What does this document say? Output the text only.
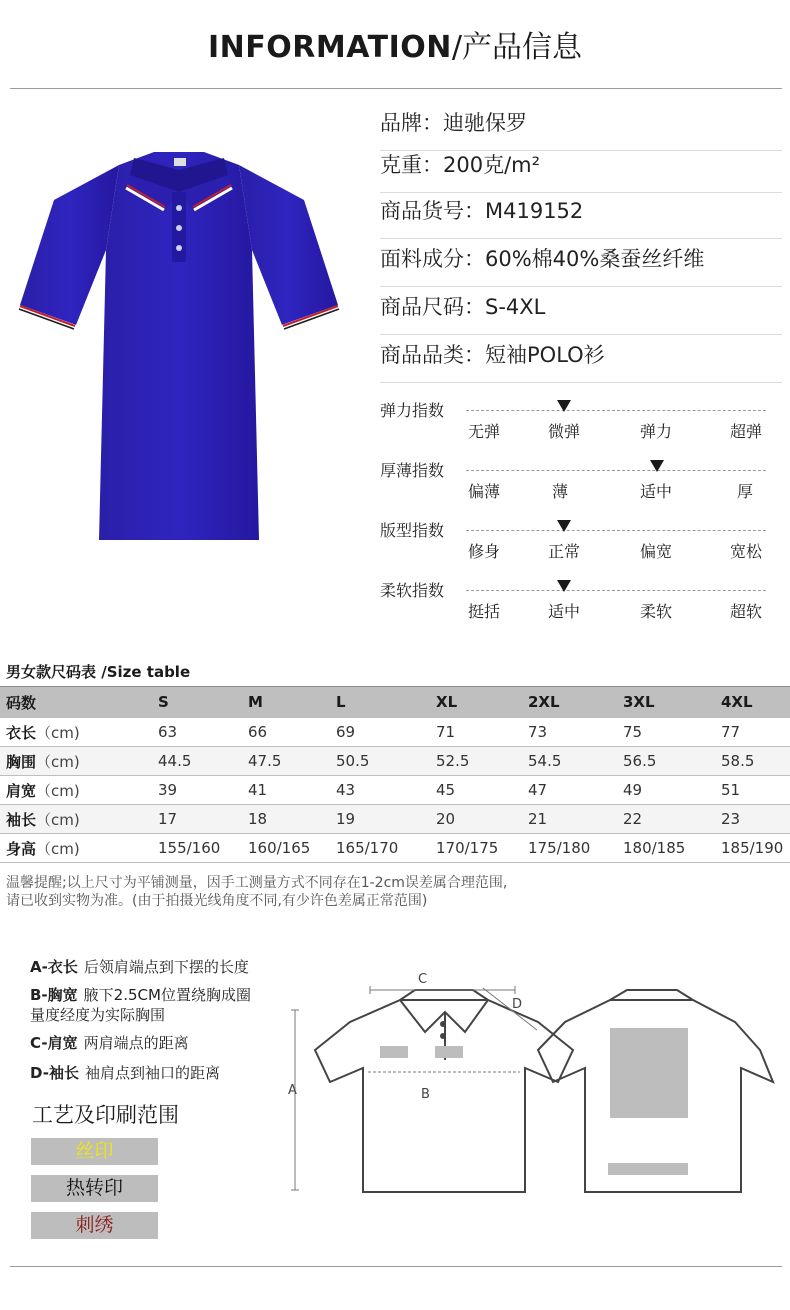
INFORMATION/产品信息
品牌：迪驰保罗
克重：200克/m²
商品货号：M419152
面料成分：60%棉40%桑蚕丝纤维
商品尺码：S-4XL
商品品类：短袖POLO衫
弹力指数
无弹	微弹	弹力	超弹
厚薄指数
偏薄	薄	适中	厚
版型指数
修身	正常	偏宽	宽松
柔软指数
挺括	适中	柔软	超软
男女款尺码表 /Size table
码数	S	M	L	XL	2XL	3XL	4XL
衣长（cm)	63	66	69	71	73	75	77
胸围（cm)	44.5	47.5	50.5	52.5	54.5	56.5	58.5
肩宽（cm)	39	41	43	45	47	49	51
袖长（cm)	17	18	19	20	21	22	23
身高（cm)	155/160	160/165	165/170	170/175	175/180	180/185	185/190
温馨提醒;以上尺寸为平铺测量，因手工测量方式不同存在1-2cm误差属合理范围,
请已收到实物为准。(由于拍摄光线角度不同,有少许色差属正常范围)
A-衣长 后领肩端点到下摆的长度
B-胸宽 腋下2.5CM位置绕胸成圈
量度经度为实际胸围
C-肩宽 两肩端点的距离
D-袖长 袖肩点到袖口的距离
工艺及印刷范围
丝印
热转印
刺绣
A	B
C
D
